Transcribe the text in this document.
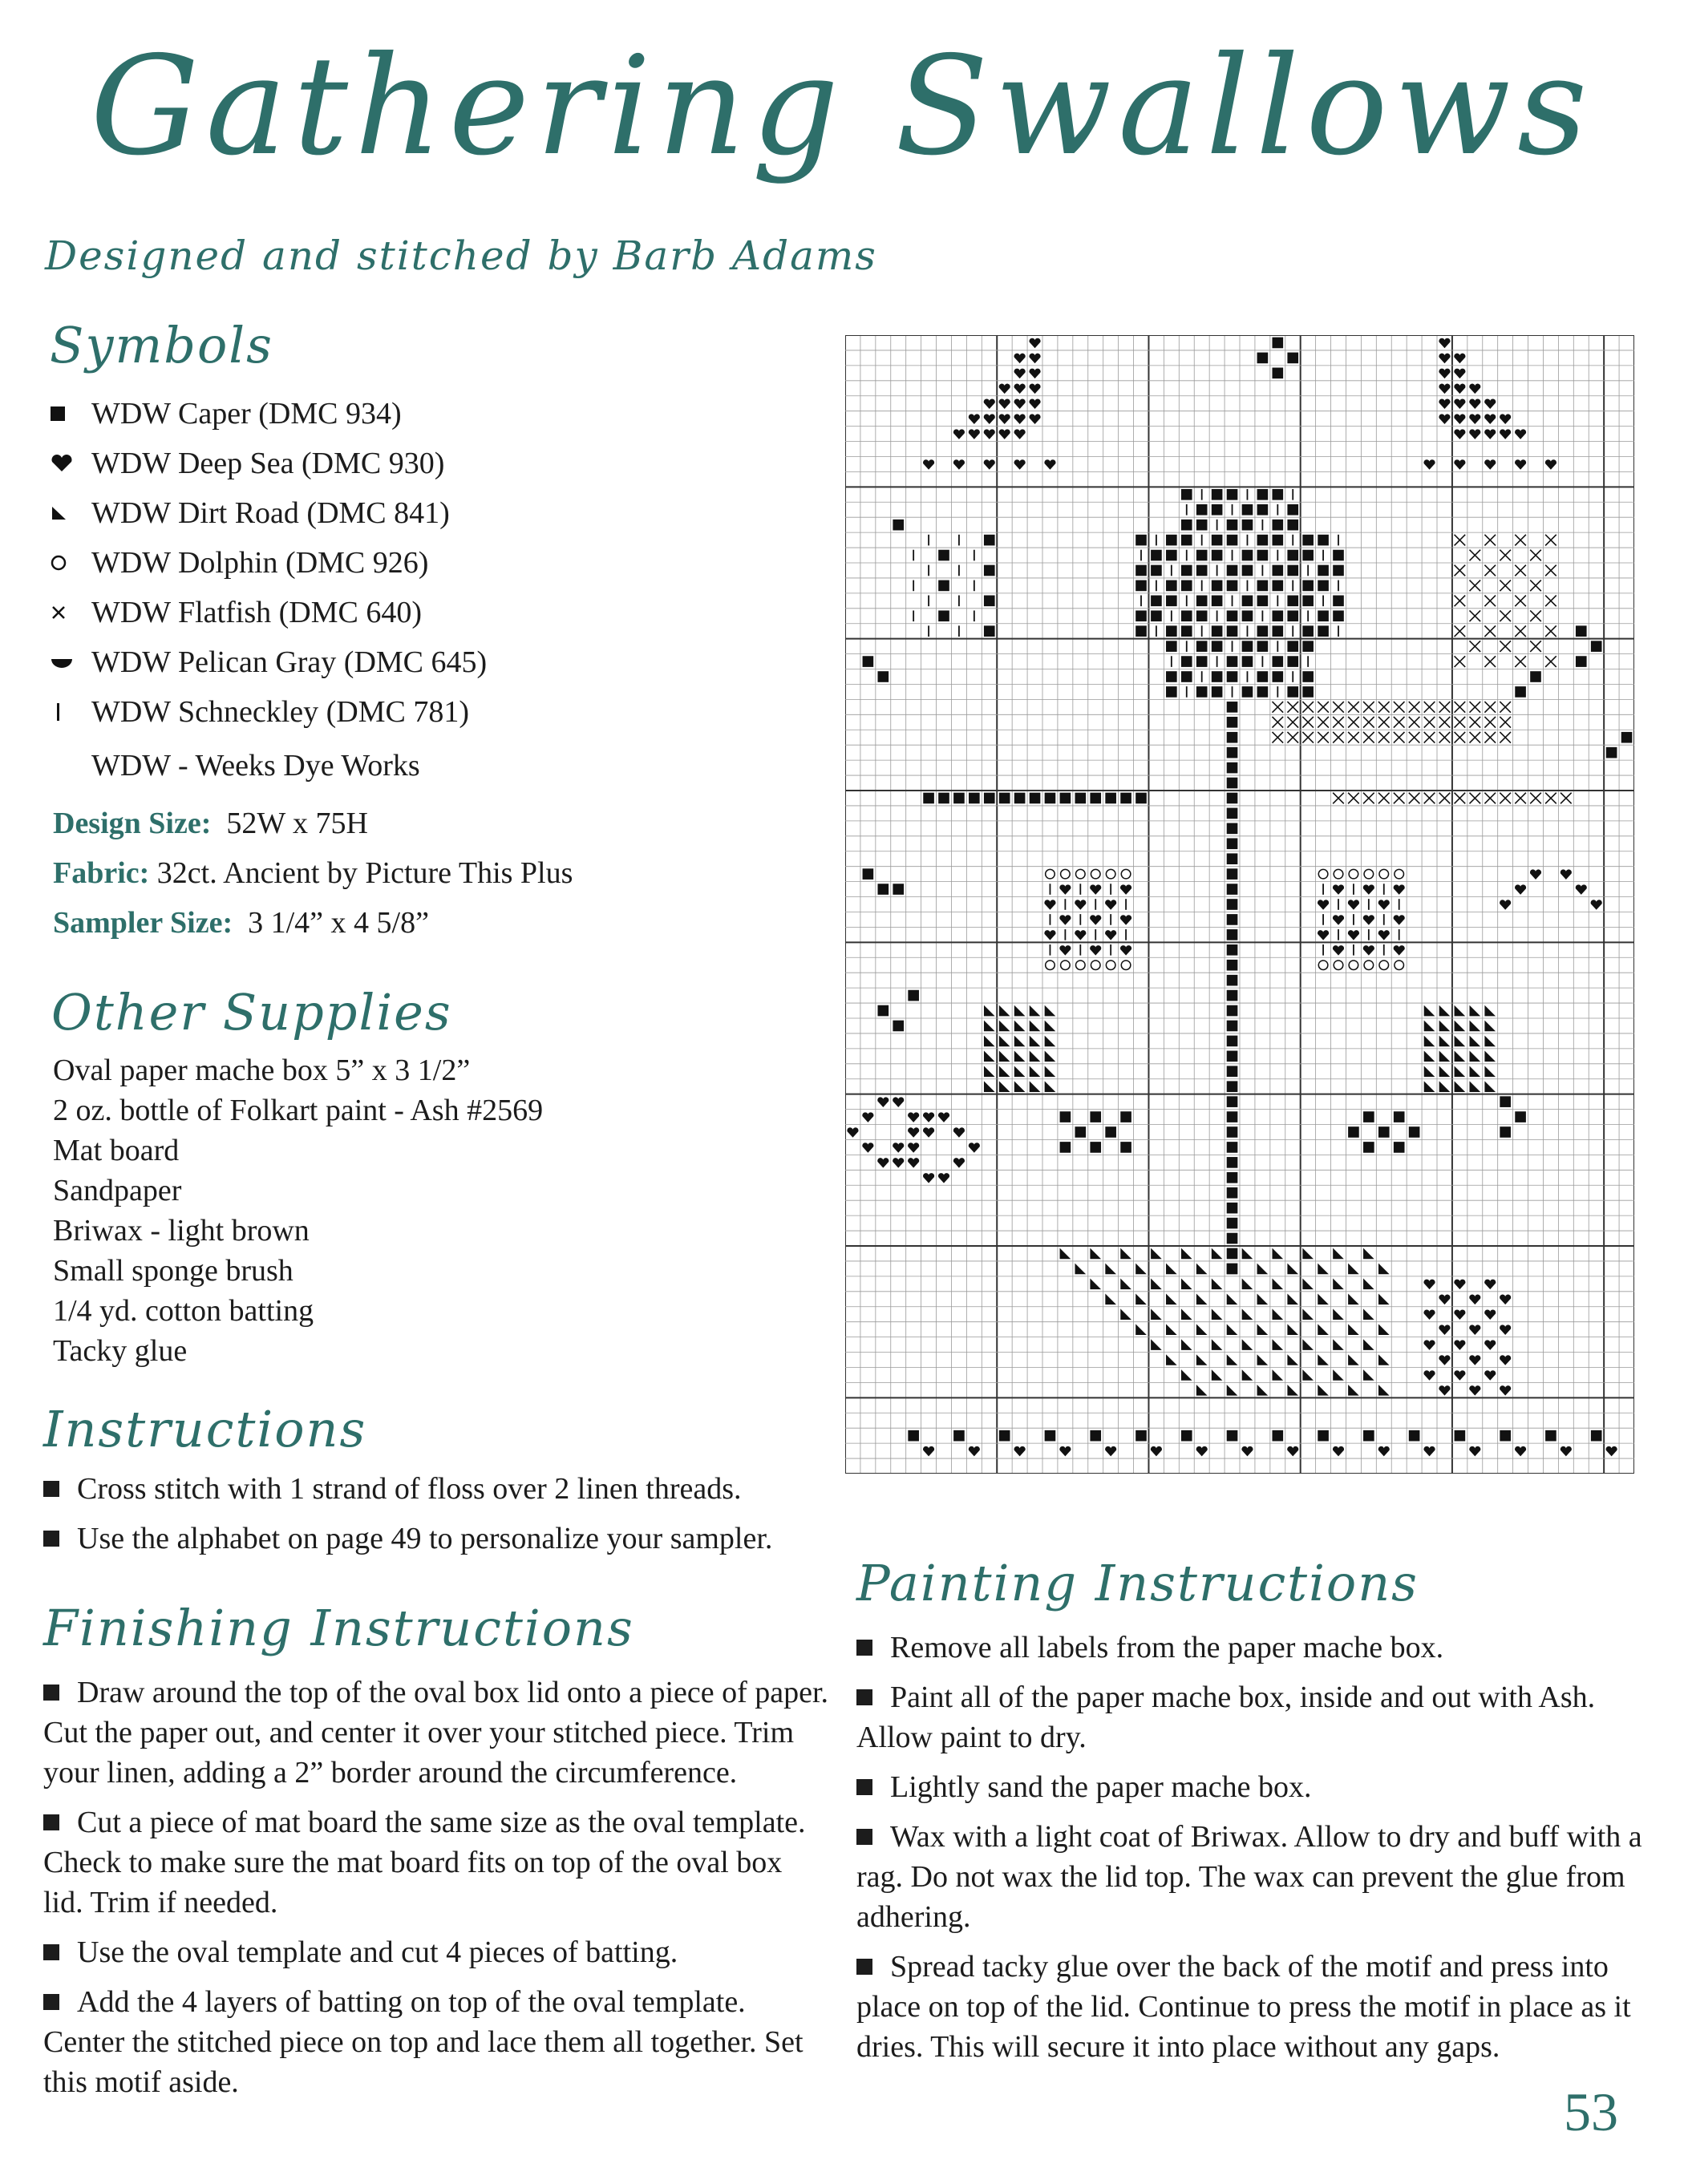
Gathering Swallows
Designed and stitched by Barb Adams
Symbols
WDW Caper (DMC 934)
WDW Deep Sea (DMC 930)
WDW Dirt Road (DMC 841)
WDW Dolphin (DMC 926)
WDW Flatfish (DMC 640)
WDW Pelican Gray (DMC 645)
WDW Schneckley (DMC 781)
WDW - Weeks Dye Works
Design Size: 52W x 75H
Fabric: 32ct. Ancient by Picture This Plus
Sampler Size: 3 1/4” x 4 5/8”
Other Supplies
Oval paper mache box 5” x 3 1/2”
2 oz. bottle of Folkart paint - Ash #2569
Mat board
Sandpaper
Briwax - light brown
Small sponge brush
1/4 yd. cotton batting
Tacky glue
Instructions

Cross stitch with 1 strand of floss over 2 linen threads.

Use the alphabet on page 49 to personalize your sampler.

Finishing Instructions

Draw around the top of the oval box lid onto a piece of paper. Cut the paper out, and center it over your stitched piece. Trim your linen, adding a 2” border around the circumference.

Cut a piece of mat board the same size as the oval template. Check to make sure the mat board fits on top of the oval box lid. Trim if needed.

Use the oval template and cut 4 pieces of batting.

Add the 4 layers of batting on top of the oval template. Center the stitched piece on top and lace them all together. Set this motif aside.

Painting Instructions

Remove all labels from the paper mache box.

Paint all of the paper mache box, inside and out with Ash. Allow paint to dry.

Lightly sand the paper mache box.

Wax with a light coat of Briwax. Allow to dry and buff with a rag. Do not wax the lid top. The wax can prevent the glue from adhering.

Spread tacky glue over the back of the motif and press into place on top of the lid. Continue to press the motif in place as it dries. This will secure it into place without any gaps.

53
